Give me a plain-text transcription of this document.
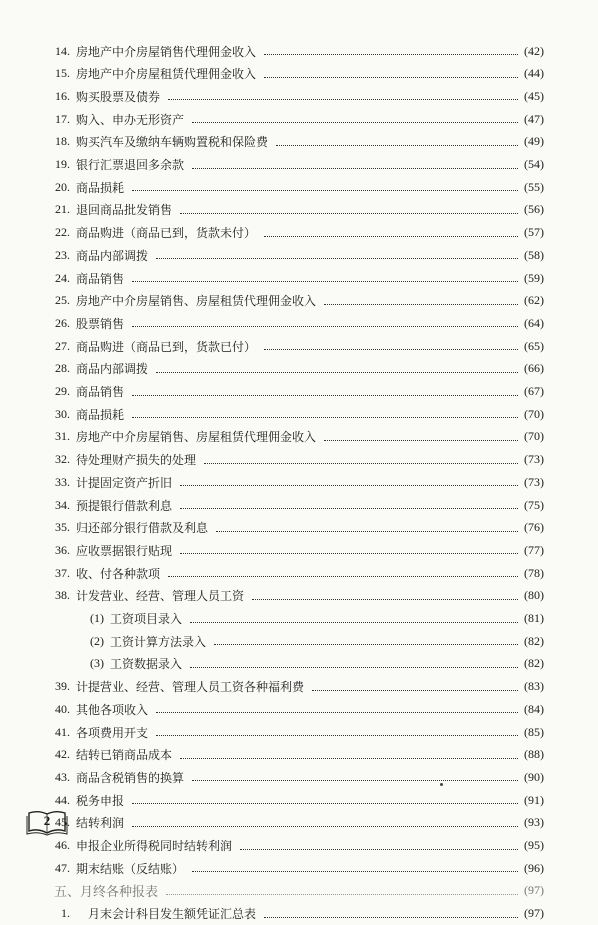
14. 房地产中介房屋销售代理佣金收入	(42)
15. 房地产中介房屋租赁代理佣金收入	(44)
16. 购买股票及债券	(45)
17. 购入、申办无形资产	(47)
18. 购买汽车及缴纳车辆购置税和保险费	(49)
19. 银行汇票退回多余款	(54)
20. 商品损耗	(55)
21. 退回商品批发销售	(56)
22. 商品购进（商品已到，货款未付）	(57)
23. 商品内部调拨	(58)
24. 商品销售	(59)
25. 房地产中介房屋销售、房屋租赁代理佣金收入	(62)
26. 股票销售	(64)
27. 商品购进（商品已到，货款已付）	(65)
28. 商品内部调拨	(66)
29. 商品销售	(67)
30. 商品损耗	(70)
31. 房地产中介房屋销售、房屋租赁代理佣金收入	(70)
32. 待处理财产损失的处理	(73)
33. 计提固定资产折旧	(73)
34. 预提银行借款利息	(75)
35. 归还部分银行借款及利息	(76)
36. 应收票据银行贴现	(77)
37. 收、付各种款项	(78)
38. 计发营业、经营、管理人员工资	(80)
(1) 工资项目录入	(81)
(2) 工资计算方法录入	(82)
(3) 工资数据录入	(82)
39. 计提营业、经营、管理人员工资各种福利费	(83)
40. 其他各项收入	(84)
41. 各项费用开支	(85)
42. 结转已销商品成本	(88)
43. 商品含税销售的换算	(90)
44. 税务申报	(91)
45. 结转利润	(93)
46. 申报企业所得税同时结转利润	(95)
47. 期末结账（反结账）	(96)
五、月终各种报表	(97)
1. 月末会计科目发生额凭证汇总表	(97)
2
